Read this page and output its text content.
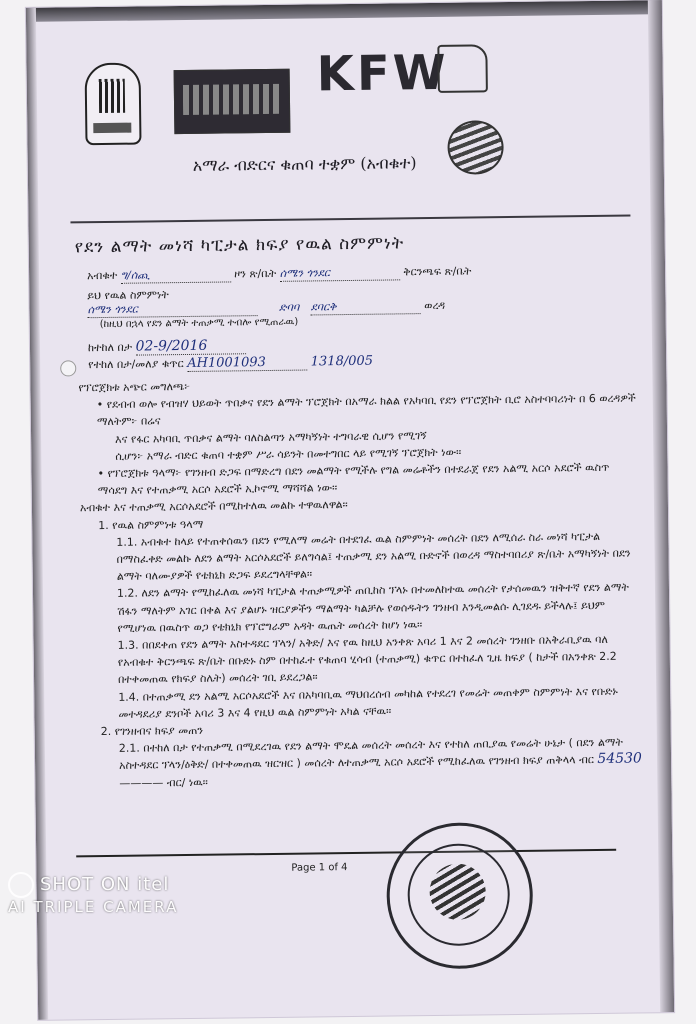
KFW
አማራ ብድርና ቁጠባ ተቋም (አብቁተ)
የደን ልማት መነሻ ካፒታል ክፍያ የዉል ስምምነት
አብቁተ ግ/ሰጪ	ዞን ጽ/ቤት ሰሜን ጎንደር	ቅርንጫፍ ጽ/ቤት
ይህ የዉል ስምምነት
ሰሜን ጎንደር	ድባባ ደባርቅ	ወረዳ
(ከዚህ በኋላ የደን ልማት ተጠቃሚ ተብሎ የሚጠራዉ)
ከተከለ በታ 02-9/2016
የተከለ በታ/መለያ ቁጥር AH1001093	1318/005

የፕሮጀክቱ አጭር መግለጫ፦

• የደብብ ወሎ የብዝሃ ህይወት ጥበቃና የደን ልማት ፕሮጀክት በአማራ ክልል የአካባቢ የደን የፕሮጀክት ቢሮ አስተባባሪነት በ 6 ወረዳዎች ማለትም፦ በሬና

እና የፋር አካባቢ ጥበቃና ልማት ባለስልጣን አማካኝነት ተግባራዊ ሲሆን የሚገኝ

ሲሆን፦ አማራ ብድር ቁጠባ ተቋም ሥራ ሳይንት በመተግበር ላይ የሚገኝ ፕሮጀክት ነው።

• የፕሮጀክቱ ዓላማ፦ የገንዘብ ድጋፍ በማድረግ በደን መልማት የሚችሉ የግል መሬቶችን በተደራጀ የደን አልሚ አርሶ አደሮች ዉስጥ ማሳደግ እና የተጠቃሚ አርሶ አደሮች ኢኮኖሚ ማሻሻል ነው።

አብቁተ እና ተጠቃሚ አርሶአደሮች በሚከተለዉ መልኩ ተዋዉለዋል።

1. የዉል ስምምነቱ ዓላማ

1.1. አብቁተ ከላይ የተጠቀሰዉን በደን የሚለማ መሬት በተደገፈ ዉል ስምምነት መሰረት በደን ለሚሰራ ስራ መነሻ ካፒታል በማስፈቀድ መልኩ ለደን ልማት አርሶአደሮች ይለግሳል፤ ተጠቃሚ ደን አልሚ ቡድኖች በወረዳ ማስተባበሪያ ጽ/ቤት አማካኝነት በደን ልማት ባለሙያዎች የቴክኒክ ድጋፍ ይደረግላቸዋል።

1.2. ለደን ልማት የሚከፈለዉ መነሻ ካፒታል ተጠቃሚዎች ጠቢከስ ፕላኑ በተመለከተዉ መሰረት የታሰመዉን ዝቅተኛ የደን ልማት ሽፋን ማለትም አገር በቀል እና ያልሆኑ ዝርያዎችን ማልማት ካልቻሉ የወሰዱትን ገንዘብ እንዲመልሱ ሊገደዱ ይችላሉ፤ ይህም የሚሆነዉ በዉስጥ ወጋ የቴክኒክ የፕሮግራም አዳት ዉጤት መሰረት ከሆነ ነዉ።

1.3. በበደቀጠ የደን ልማት አስተዳደር ፕላን/ አቅድ/ እና የዉ ከዚህ አንቀጽ አባሪ 1 እና 2 መሰረት ገንዘቡ በአቅራቢያዉ ባለ የአብቁተ ቅርንጫፍ ጽ/ቤት በቡድኑ ስም በተከፈተ የቁጠባ ሂሳብ (ተጠቃሚ) ቁጥር በተከፈለ ጊዜ ክፍያ ( ከታች በአንቀጽ 2.2 በተቀመጠዉ የክፍያ ስሌት) መሰረት ገቢ ይደረጋል።

1.4. በተጠቃሚ ደን አልሚ አርሶአደሮች እና በአካባቢዉ ማህበረሰብ መካከል የተደረገ የመሬት መጠቀም ስምምነት እና የቡድኑ መተዳደሪያ ደንቦች አባሪ 3 እና 4 የዚህ ዉል ስምምነት አካል ናቸዉ።

2. የገንዘብና ክፍያ መጠን

2.1. በተከለ በታ የተጠቃሚ በሚደረገዉ የደን ልማት ሞዴል መሰረት መሰረት እና የተከለ ጠቢያዉ የመሬት ሁኔታ ( በደን ልማት አስተዳደር ፕላን/ዕቅድ/ በተቀመጠዉ ዝርዝር ) መሰረት ለተጠቃሚ አርሶ አደሮች የሚከፈለዉ የገንዘብ ክፍያ ጠቅላላ ብር 54530

———— ብር/ ነዉ።

Page 1 of 4
SHOT ON itel
AI TRIPLE CAMERA
